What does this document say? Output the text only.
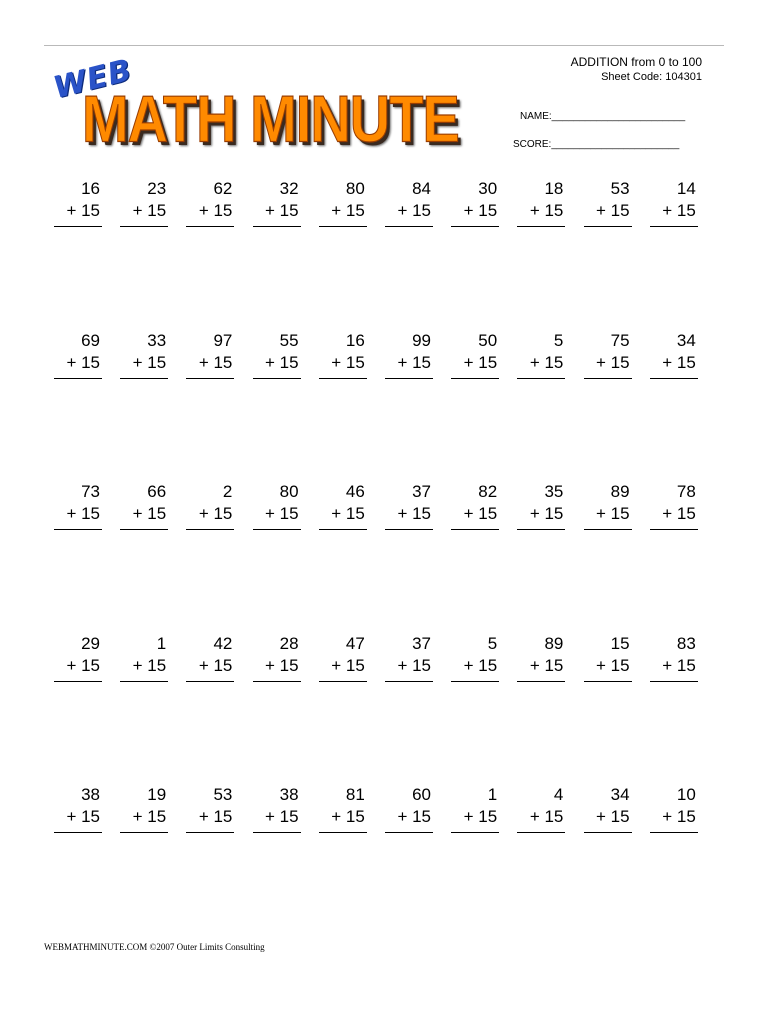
WEB
MATH MINUTE
ADDITION from 0 to 100
Sheet Code: 104301
NAME:________________________
SCORE:_______________________
16
+ 15
23
+ 15
62
+ 15
32
+ 15
80
+ 15
84
+ 15
30
+ 15
18
+ 15
53
+ 15
14
+ 15
69
+ 15
33
+ 15
97
+ 15
55
+ 15
16
+ 15
99
+ 15
50
+ 15
5
+ 15
75
+ 15
34
+ 15
73
+ 15
66
+ 15
2
+ 15
80
+ 15
46
+ 15
37
+ 15
82
+ 15
35
+ 15
89
+ 15
78
+ 15
29
+ 15
1
+ 15
42
+ 15
28
+ 15
47
+ 15
37
+ 15
5
+ 15
89
+ 15
15
+ 15
83
+ 15
38
+ 15
19
+ 15
53
+ 15
38
+ 15
81
+ 15
60
+ 15
1
+ 15
4
+ 15
34
+ 15
10
+ 15
WEBMATHMINUTE.COM ©2007 Outer Limits Consulting
